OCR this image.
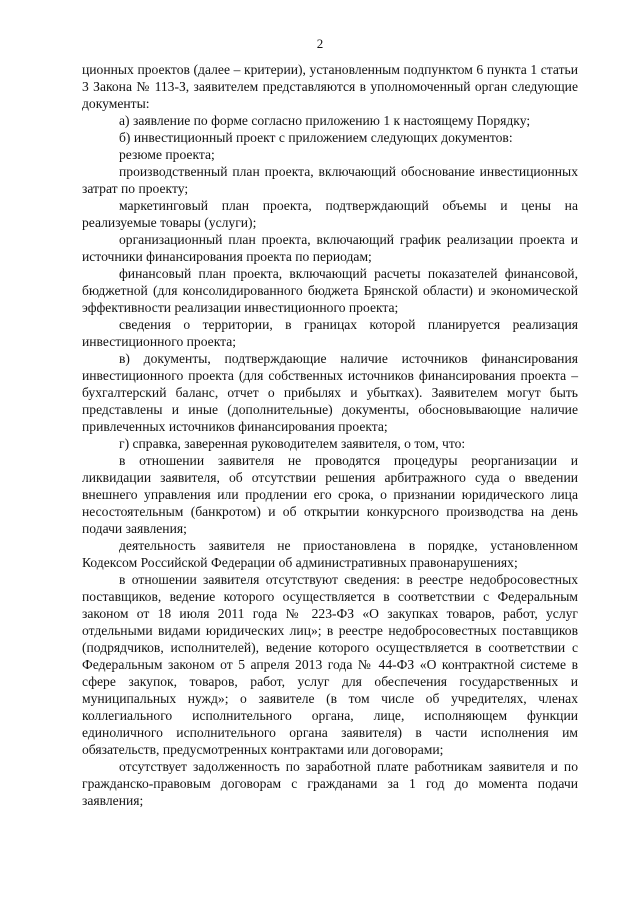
2

ционных проектов (далее – критерии), установленным подпунктом 6 пункта 1 статьи 3 Закона № 113-З, заявителем представляются в уполномоченный орган следующие документы:

а) заявление по форме согласно приложению 1 к настоящему Порядку;

б) инвестиционный проект с приложением следующих документов:

резюме проекта;

производственный план проекта, включающий обоснование инвестиционных затрат по проекту;

маркетинговый план проекта, подтверждающий объемы и цены на реализуемые товары (услуги);

организационный план проекта, включающий график реализации проекта и источники финансирования проекта по периодам;

финансовый план проекта, включающий расчеты показателей финансовой, бюджетной (для консолидированного бюджета Брянской области) и экономической эффективности реализации инвестиционного проекта;

сведения о территории, в границах которой планируется реализация инвестиционного проекта;

в) документы, подтверждающие наличие источников финансирования инвестиционного проекта (для собственных источников финансирования проекта – бухгалтерский баланс, отчет о прибылях и убытках). Заявителем могут быть представлены и иные (дополнительные) документы, обосновывающие наличие привлеченных источников финансирования проекта;

г) справка, заверенная руководителем заявителя, о том, что:

в отношении заявителя не проводятся процедуры реорганизации и ликвидации заявителя, об отсутствии решения арбитражного суда о введении внешнего управления или продлении его срока, о признании юридического лица несостоятельным (банкротом) и об открытии конкурсного производства на день подачи заявления;

деятельность заявителя не приостановлена в порядке, установленном Кодексом Российской Федерации об административных правонарушениях;

в отношении заявителя отсутствуют сведения: в реестре недобросовестных поставщиков, ведение которого осуществляется в соответствии с Федеральным законом от 18 июля 2011 года № 223-ФЗ «О закупках товаров, работ, услуг отдельными видами юридических лиц»; в реестре недобросовестных поставщиков (подрядчиков, исполнителей), ведение которого осуществляется в соответствии с Федеральным законом от 5 апреля 2013 года № 44-ФЗ «О контрактной системе в сфере закупок, товаров, работ, услуг для обеспечения государственных и муниципальных нужд»; о заявителе (в том числе об учредителях, членах коллегиального исполнительного органа, лице, исполняющем функции единоличного исполнительного органа заявителя) в части исполнения им обязательств, предусмотренных контрактами или договорами;

отсутствует задолженность по заработной плате работникам заявителя и по гражданско-правовым договорам с гражданами за 1 год до момента подачи заявления;
